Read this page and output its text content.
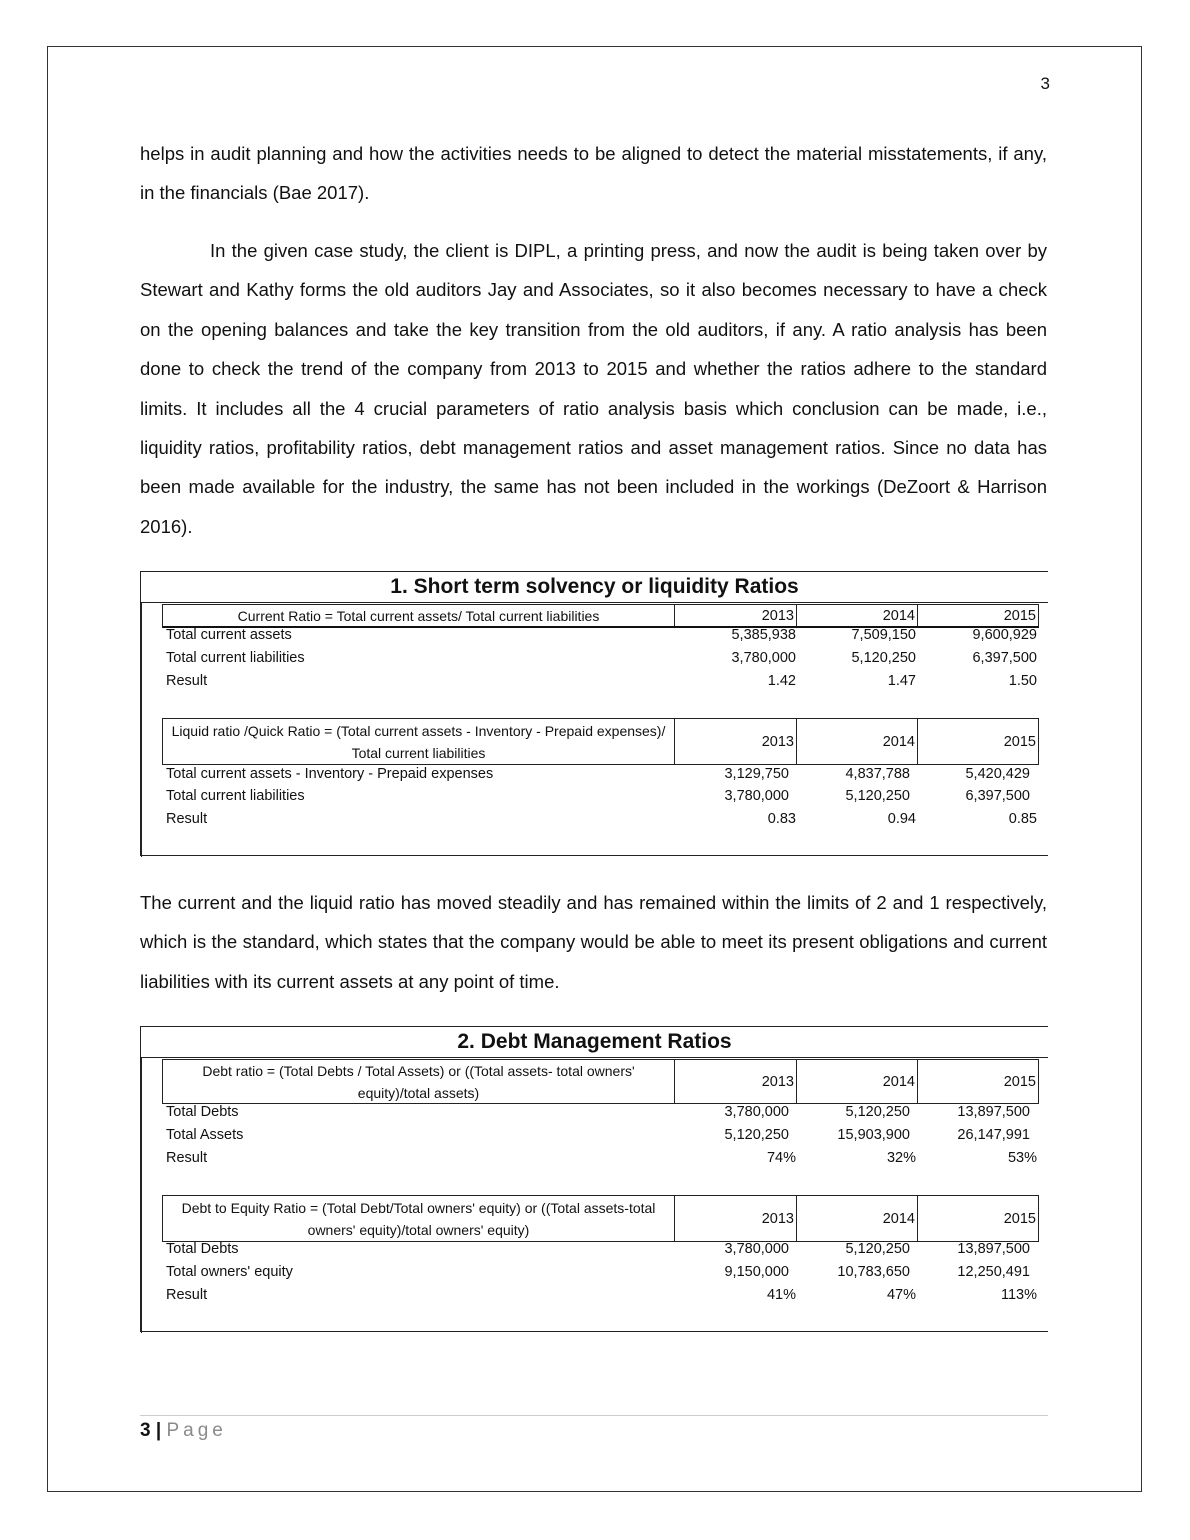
3
helps in audit planning and how the activities needs to be aligned to detect the material misstatements, if any, in the financials (Bae 2017).
In the given case study, the client is DIPL, a printing press, and now the audit is being taken over by Stewart and Kathy forms the old auditors Jay and Associates, so it also becomes necessary to have a check on the opening balances and take the key transition from the old auditors, if any. A ratio analysis has been done to check the trend of the company from 2013 to 2015 and whether the ratios adhere to the standard limits. It includes all the 4 crucial parameters of ratio analysis basis which conclusion can be made, i.e., liquidity ratios, profitability ratios, debt management ratios and asset management ratios. Since no data has been made available for the industry, the same has not been included in the workings (DeZoort & Harrison 2016).
1. Short term solvency or liquidity Ratios
Current Ratio = Total current assets/ Total current liabilities	2013	2014	2015
Total current assets	5,385,938	7,509,150	9,600,929
Total current liabilities	3,780,000	5,120,250	6,397,500
Result	1.42	1.47	1.50
Liquid ratio /Quick Ratio = (Total current assets - Inventory - Prepaid expenses)/ Total current liabilities
2013	2014	2015
Total current assets - Inventory - Prepaid expenses	3,129,750	4,837,788	5,420,429
Total current liabilities	3,780,000	5,120,250	6,397,500
Result	0.83	0.94	0.85
The current and the liquid ratio has moved steadily and has remained within the limits of 2 and 1 respectively, which is the standard, which states that the company would be able to meet its present obligations and current liabilities with its current assets at any point of time.
2. Debt Management Ratios
Debt ratio = (Total Debts / Total Assets) or ((Total assets- total owners' equity)/total assets)
2013	2014	2015
Total Debts	3,780,000	5,120,250	13,897,500
Total Assets	5,120,250	15,903,900	26,147,991
Result	74%	32%	53%
Debt to Equity Ratio = (Total Debt/Total owners' equity) or ((Total assets-total owners' equity)/total owners' equity)
2013	2014	2015
Total Debts	3,780,000	5,120,250	13,897,500
Total owners' equity	9,150,000	10,783,650	12,250,491
Result	41%	47%	113%
3 | Page
